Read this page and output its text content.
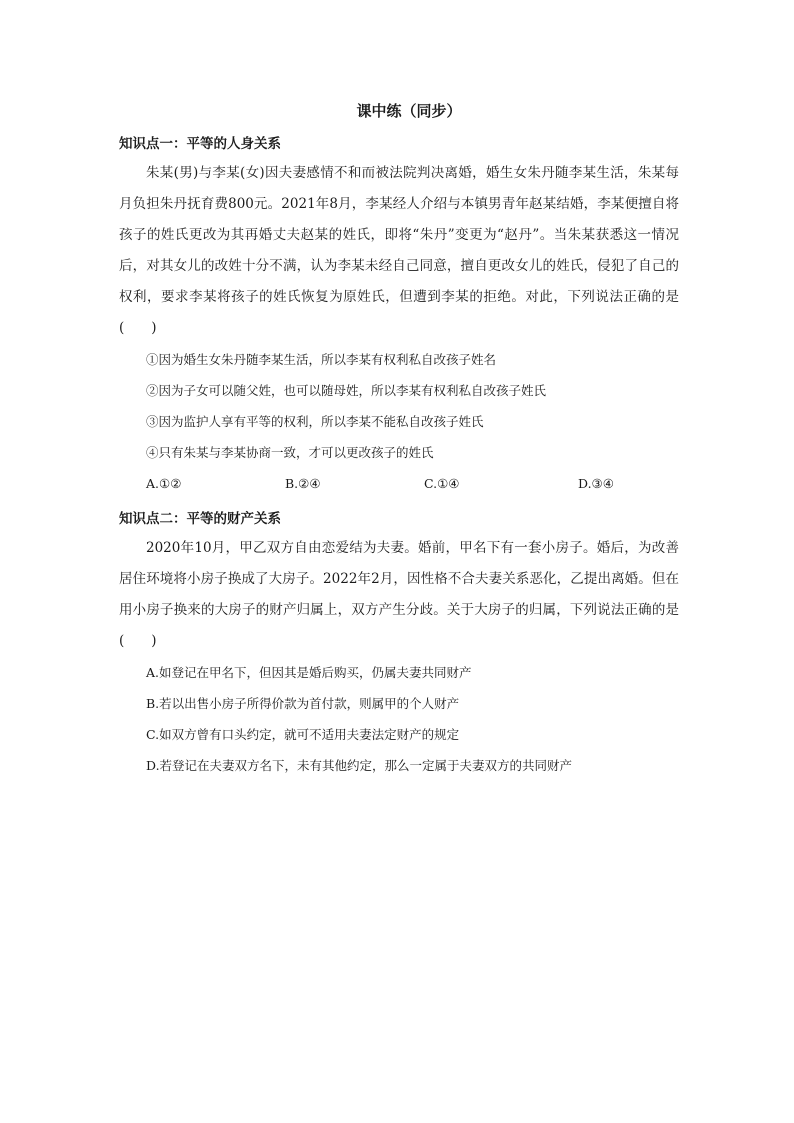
课中练（同步）
知识点一：平等的人身关系

朱某(男)与李某(女)因夫妻感情不和而被法院判决离婚，婚生女朱丹随李某生活，朱某每月负担朱丹抚育费800元。2021年8月，李某经人介绍与本镇男青年赵某结婚，李某便擅自将孩子的姓氏更改为其再婚丈夫赵某的姓氏，即将“朱丹”变更为“赵丹”。当朱某获悉这一情况后，对其女儿的改姓十分不满，认为李某未经自己同意，擅自更改女儿的姓氏，侵犯了自己的权利，要求李某将孩子的姓氏恢复为原姓氏，但遭到李某的拒绝。对此，下列说法正确的是(　　)

①因为婚生女朱丹随李某生活，所以李某有权利私自改孩子姓名

②因为子女可以随父姓，也可以随母姓，所以李某有权利私自改孩子姓氏

③因为监护人享有平等的权利，所以李某不能私自改孩子姓氏

④只有朱某与李某协商一致，才可以更改孩子的姓氏

A.①②	B.②④	C.①④	D.③④
知识点二：平等的财产关系

2020年10月，甲乙双方自由恋爱结为夫妻。婚前，甲名下有一套小房子。婚后，为改善居住环境将小房子换成了大房子。2022年2月，因性格不合夫妻关系恶化，乙提出离婚。但在用小房子换来的大房子的财产归属上，双方产生分歧。关于大房子的归属，下列说法正确的是(　　)

A.如登记在甲名下，但因其是婚后购买，仍属夫妻共同财产

B.若以出售小房子所得价款为首付款，则属甲的个人财产

C.如双方曾有口头约定，就可不适用夫妻法定财产的规定

D.若登记在夫妻双方名下，未有其他约定，那么一定属于夫妻双方的共同财产
